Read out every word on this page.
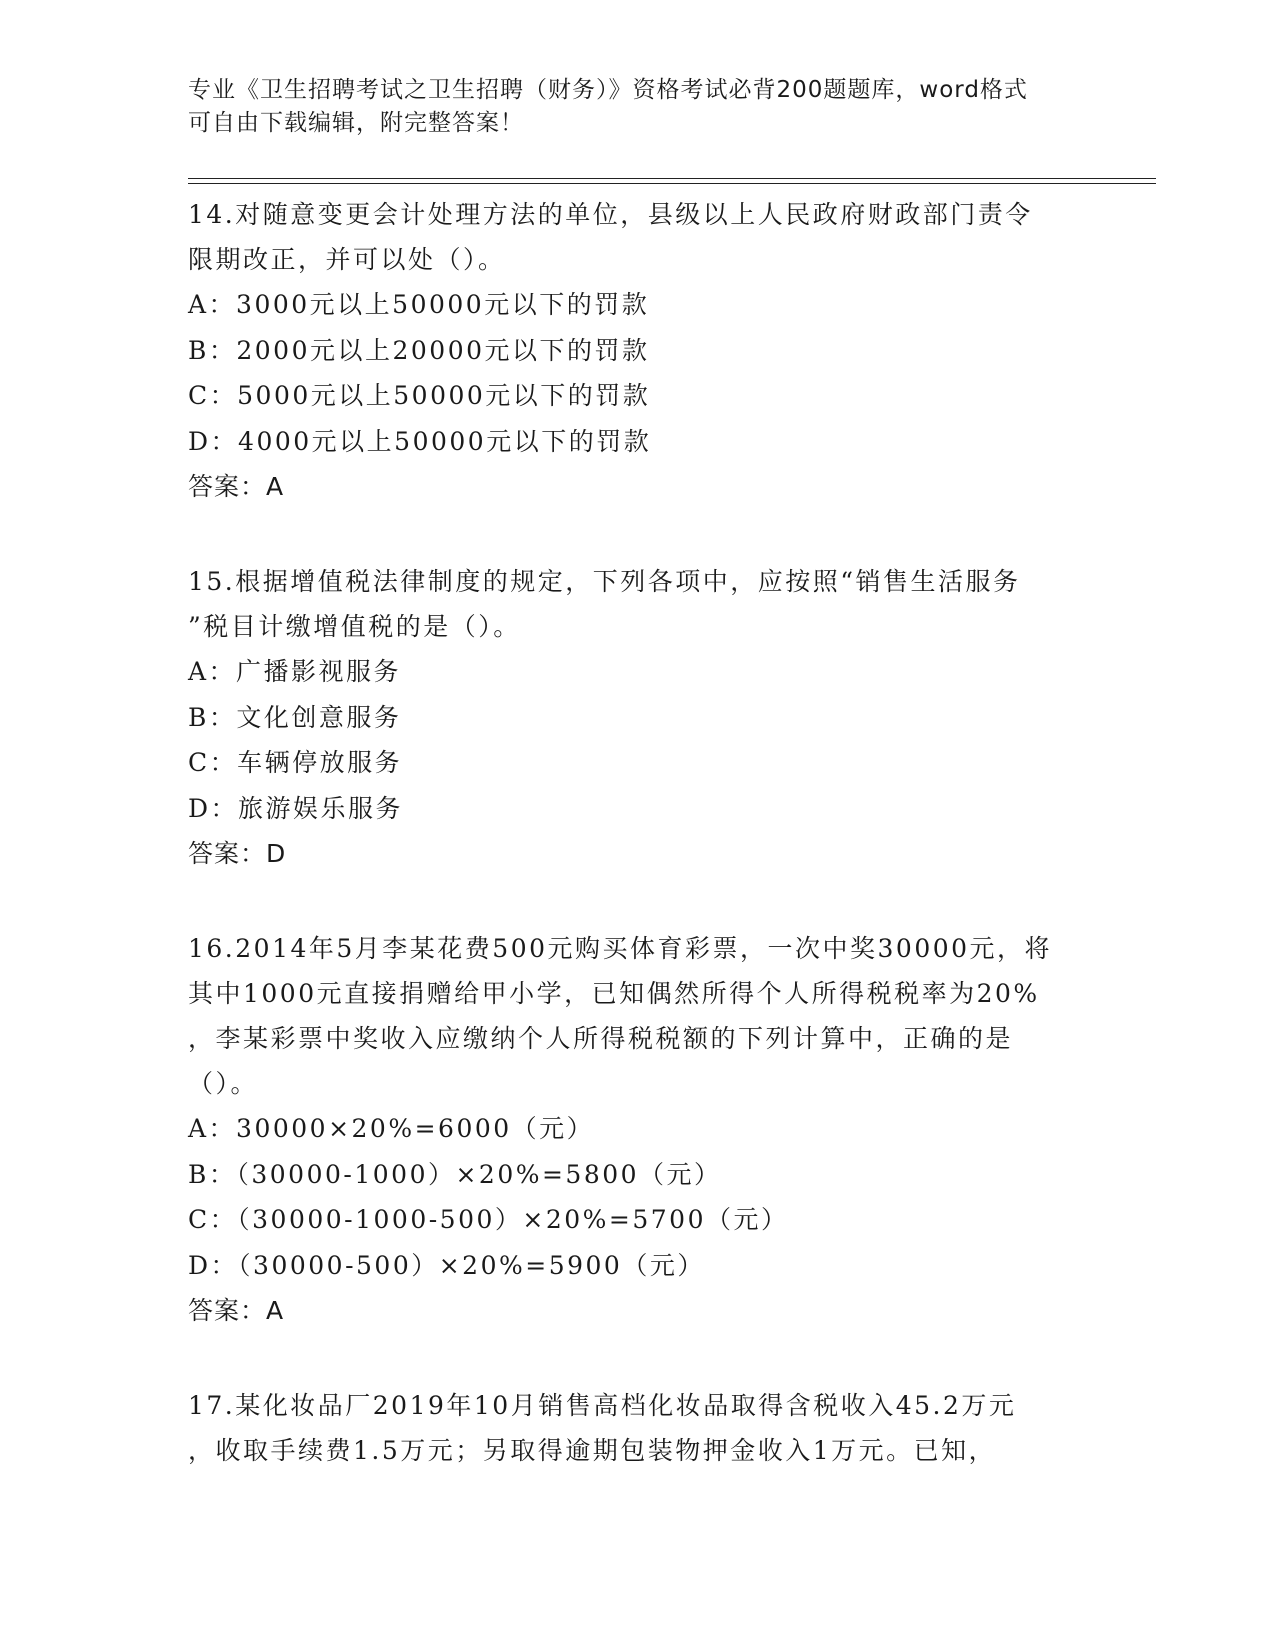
专业《卫生招聘考试之卫生招聘（财务）》资格考试必背200题题库，word格式
可自由下载编辑，附完整答案！
14.对随意变更会计处理方法的单位，县级以上人民政府财政部门责令
限期改正，并可以处（）。
A：3000元以上50000元以下的罚款
B：2000元以上20000元以下的罚款
C：5000元以上50000元以下的罚款
D：4000元以上50000元以下的罚款
答案：A
15.根据增值税法律制度的规定，下列各项中，应按照“销售生活服务
”税目计缴增值税的是（）。
A：广播影视服务
B：文化创意服务
C：车辆停放服务
D：旅游娱乐服务
答案：D
16.2014年5月李某花费500元购买体育彩票，一次中奖30000元，将
其中1000元直接捐赠给甲小学，已知偶然所得个人所得税税率为20%
，李某彩票中奖收入应缴纳个人所得税税额的下列计算中，正确的是
（）。
A：30000×20%=6000（元）
B：（30000-1000）×20%=5800（元）
C：（30000-1000-500）×20%=5700（元）
D：（30000-500）×20%=5900（元）
答案：A
17.某化妆品厂2019年10月销售高档化妆品取得含税收入45.2万元
，收取手续费1.5万元；另取得逾期包装物押金收入1万元。已知，
